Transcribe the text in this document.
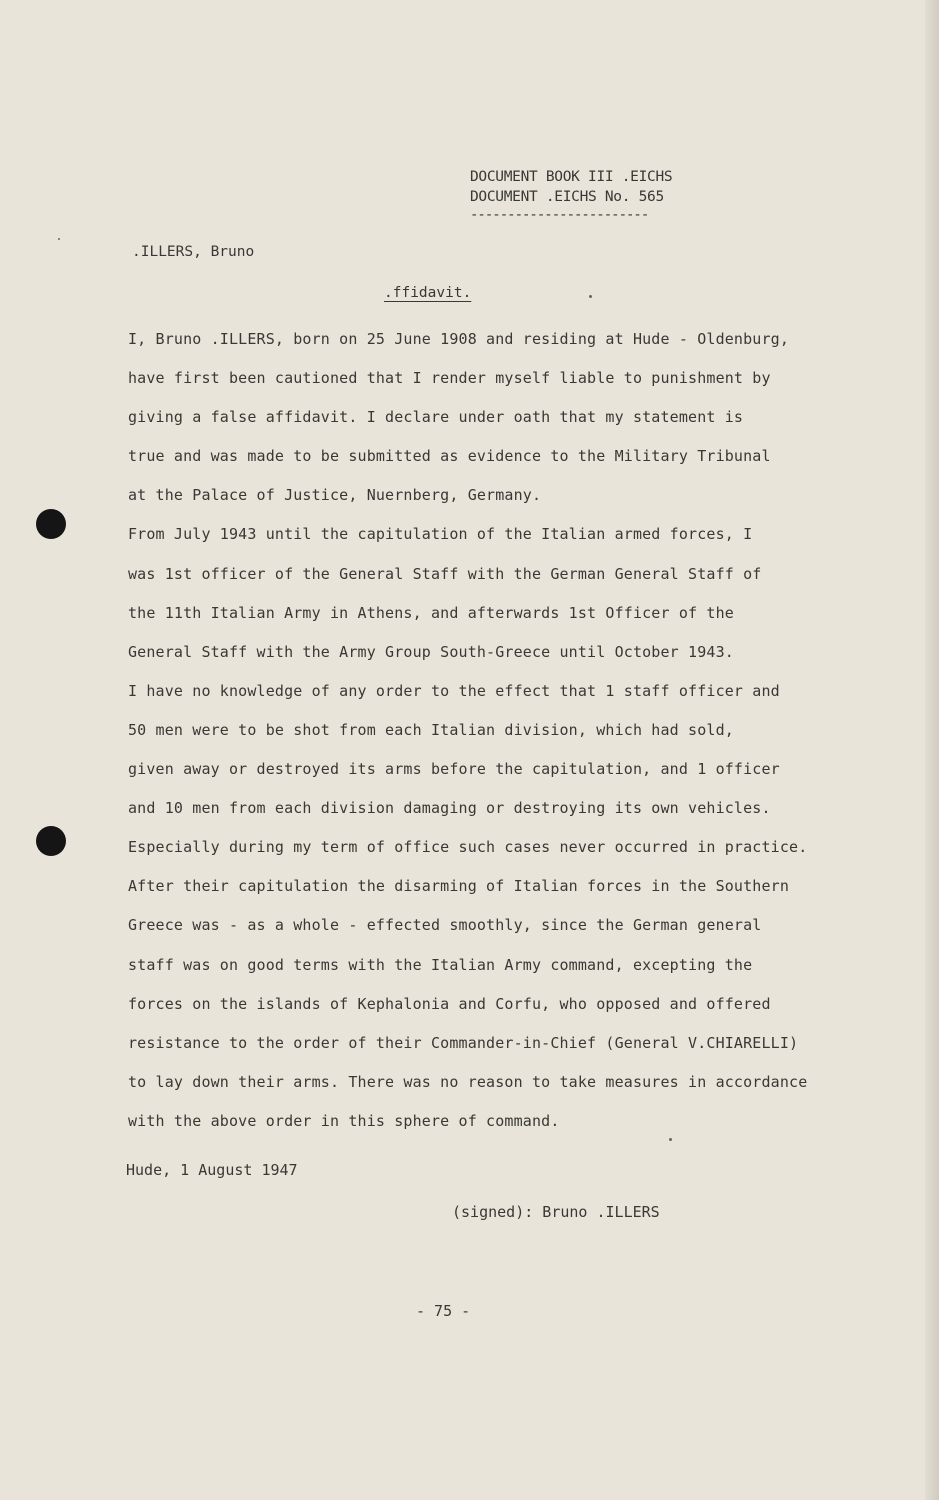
DOCUMENT BOOK III .EICHS
DOCUMENT .EICHS No. 565
------------------------
.ILLERS, Bruno
.ffidavit.
I, Bruno .ILLERS, born on 25 June 1908 and residing at Hude - Oldenburg,
have first been cautioned that I render myself liable to punishment by
giving a false affidavit. I declare under oath that my statement is
true and was made to be submitted as evidence to the Military Tribunal
at the Palace of Justice, Nuernberg, Germany.
From July 1943 until the capitulation of the Italian armed forces, I
was 1st officer of the General Staff with the German General Staff of
the 11th Italian Army in Athens, and afterwards 1st Officer of the
General Staff with the Army Group South-Greece until October 1943.
I have no knowledge of any order to the effect that 1 staff officer and
50 men were to be shot from each Italian division, which had sold,
given away or destroyed its arms before the capitulation, and 1 officer
and 10 men from each division damaging or destroying its own vehicles.
Especially during my term of office such cases never occurred in practice.
After their capitulation the disarming of Italian forces in the Southern
Greece was - as a whole - effected smoothly, since the German general
staff was on good terms with the Italian Army command, excepting the
forces on the islands of Kephalonia and Corfu, who opposed and offered
resistance to the order of their Commander-in-Chief (General V.CHIARELLI)
to lay down their arms. There was no reason to take measures in accordance
with the above order in this sphere of command.
Hude, 1 August 1947
(signed): Bruno .ILLERS
- 75 -
